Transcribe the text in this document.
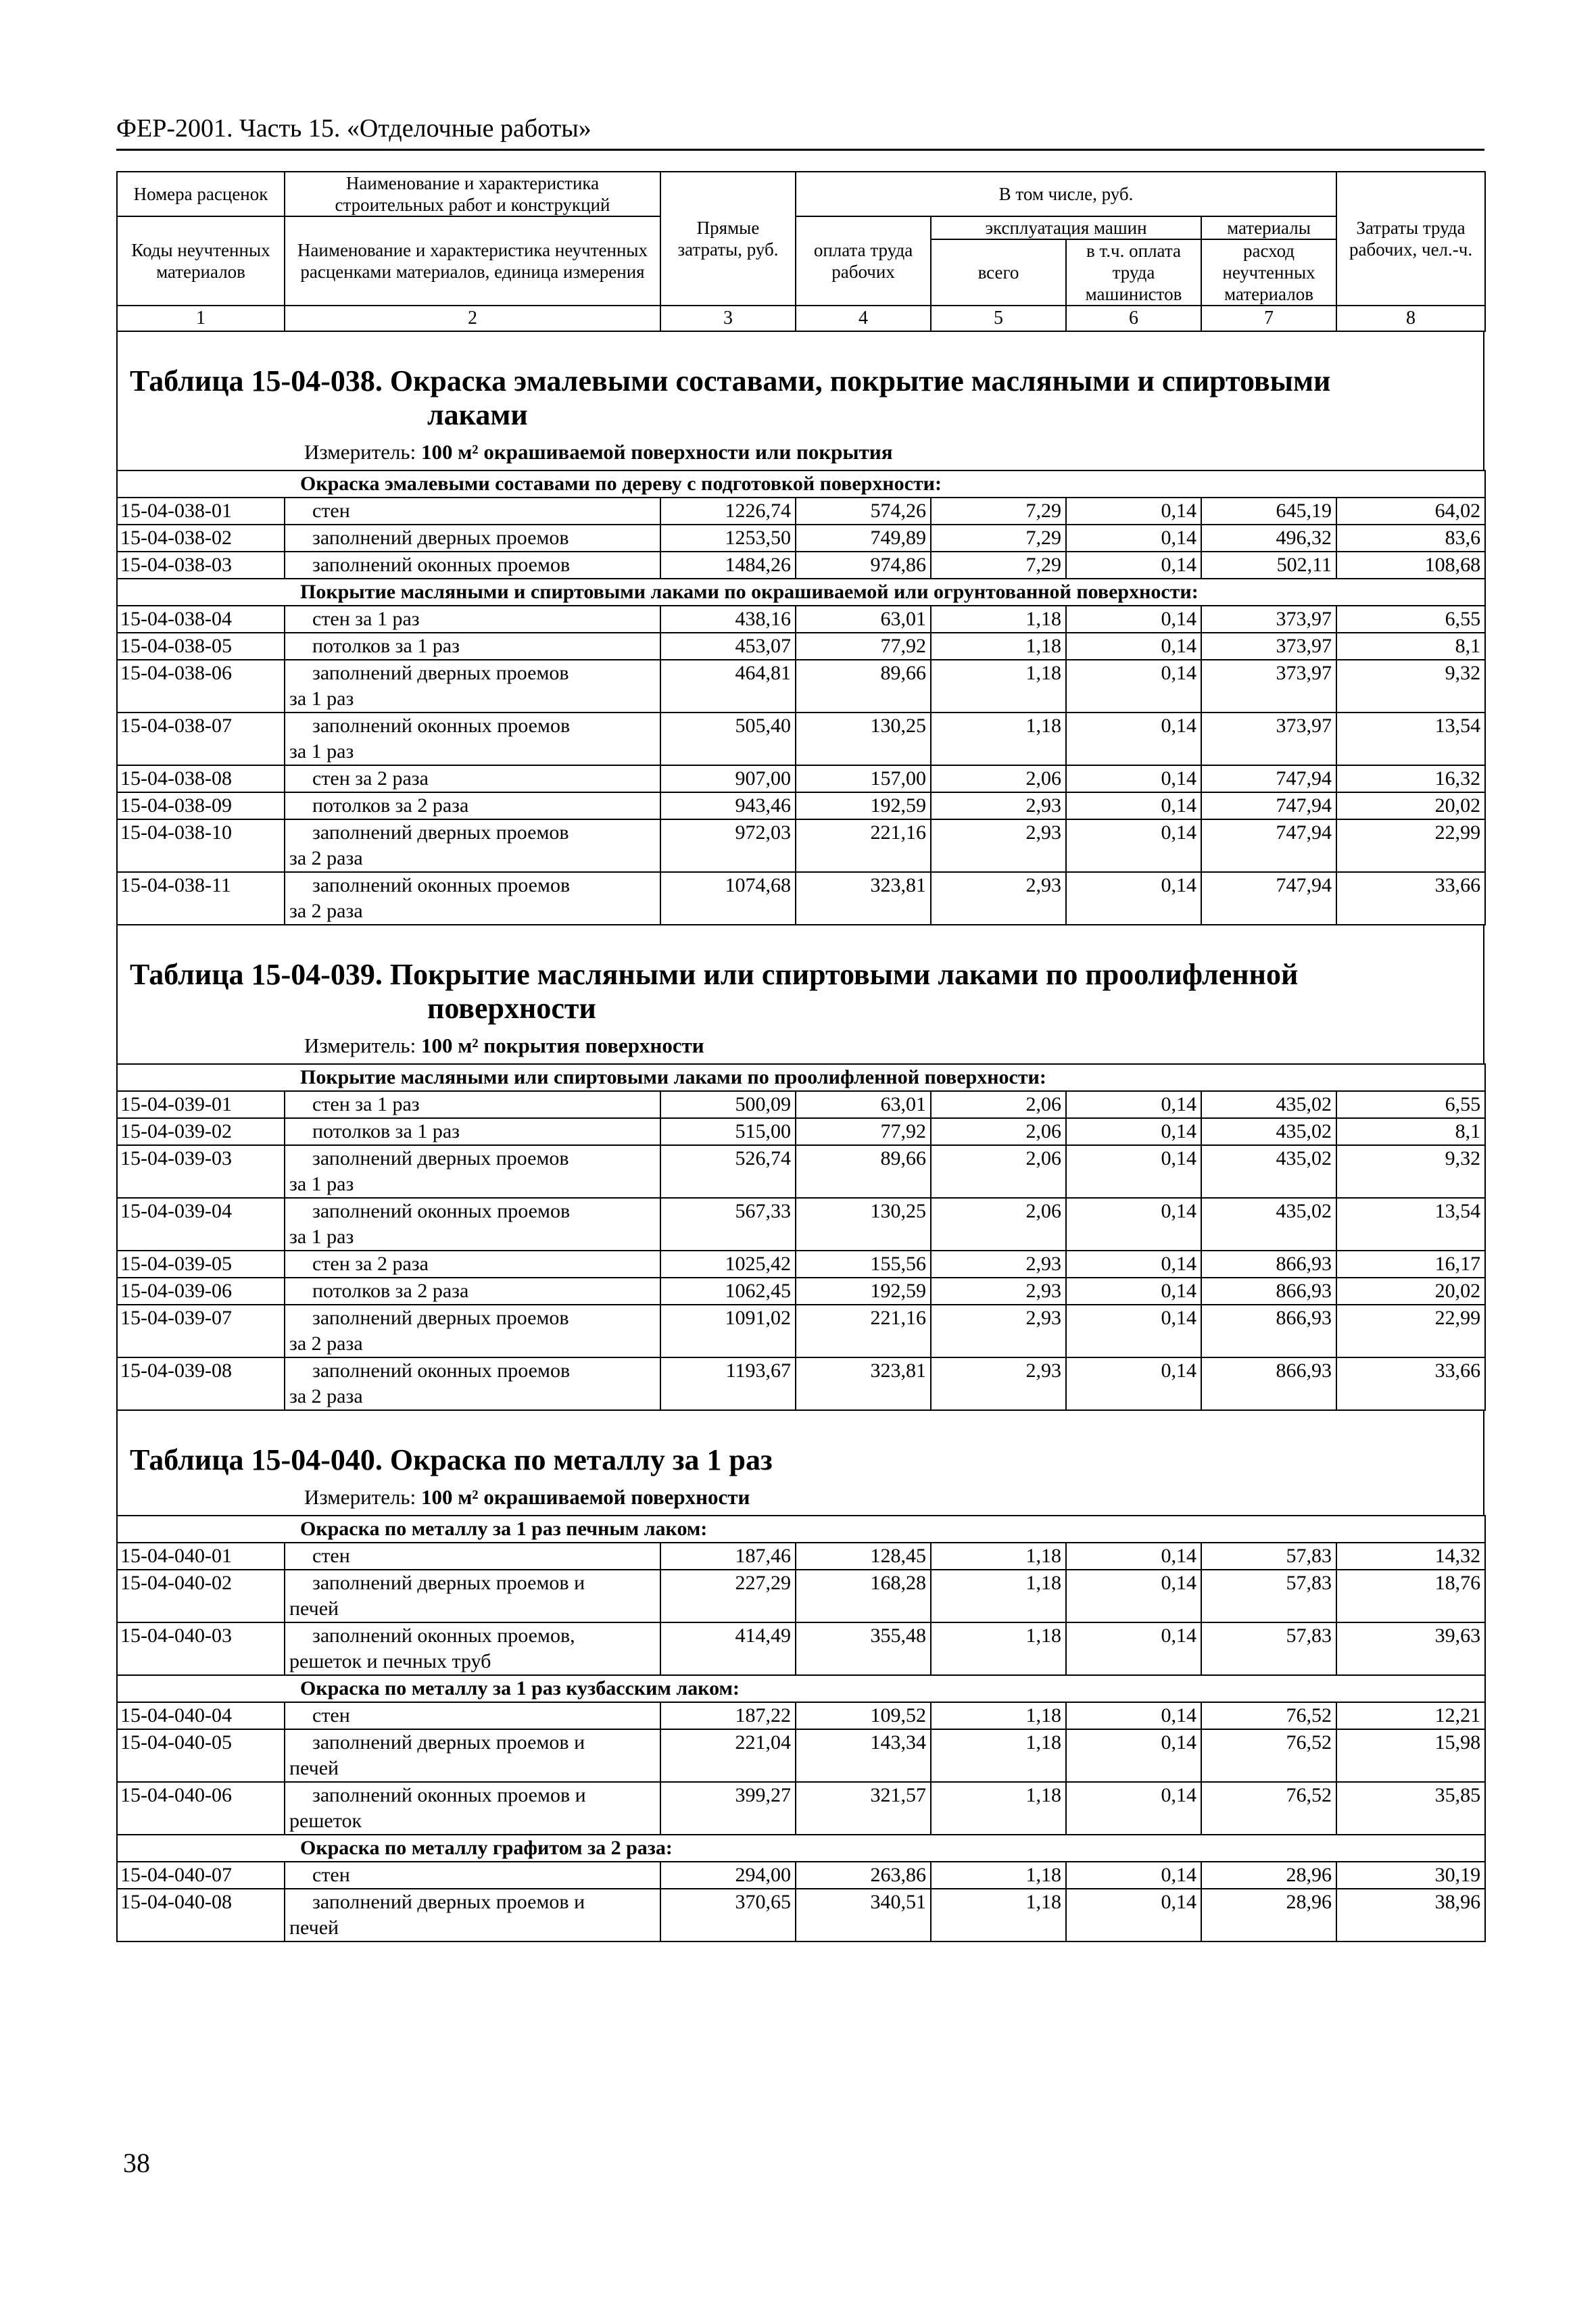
ФЕР-2001. Часть 15. «Отделочные работы»
Номера расценок	Наименование и характеристика строительных работ и конструкций	Прямые затраты, руб.	В том числе, руб.				Затраты труда рабочих, чел.-ч.
Коды неучтенных материалов	Наименование и характеристика неучтенных расценками материалов, единица измерения		оплата труда рабочих	эксплуатация машин		материалы	
				всего	в т.ч. оплата труда машинистов	расход неучтенных материалов	
1	2	3	4	5	6	7	8
Таблица 15-04-038. Окраска эмалевыми составами, покрытие масляными и спиртовыми
лаками
Измеритель: 100 м² окрашиваемой поверхности или покрытия
Окраска эмалевыми составами по дереву с подготовкой поверхности:							
15-04-038-01	стен	1226,74	574,26	7,29	0,14	645,19	64,02
15-04-038-02	заполнений дверных проемов	1253,50	749,89	7,29	0,14	496,32	83,6
15-04-038-03	заполнений оконных проемов	1484,26	974,86	7,29	0,14	502,11	108,68
Покрытие масляными и спиртовыми лаками по окрашиваемой или огрунтованной поверхности:							
15-04-038-04	стен за 1 раз	438,16	63,01	1,18	0,14	373,97	6,55
15-04-038-05	потолков за 1 раз	453,07	77,92	1,18	0,14	373,97	8,1
15-04-038-06	заполнений дверных проемов
за 1 раз	464,81	89,66	1,18	0,14	373,97	9,32
15-04-038-07	заполнений оконных проемов
за 1 раз	505,40	130,25	1,18	0,14	373,97	13,54
15-04-038-08	стен за 2 раза	907,00	157,00	2,06	0,14	747,94	16,32
15-04-038-09	потолков за 2 раза	943,46	192,59	2,93	0,14	747,94	20,02
15-04-038-10	заполнений дверных проемов
за 2 раза	972,03	221,16	2,93	0,14	747,94	22,99
15-04-038-11	заполнений оконных проемов
за 2 раза	1074,68	323,81	2,93	0,14	747,94	33,66
Таблица 15-04-039. Покрытие масляными или спиртовыми лаками по проолифленной
поверхности
Измеритель: 100 м² покрытия поверхности
Покрытие масляными или спиртовыми лаками по проолифленной поверхности:							
15-04-039-01	стен за 1 раз	500,09	63,01	2,06	0,14	435,02	6,55
15-04-039-02	потолков за 1 раз	515,00	77,92	2,06	0,14	435,02	8,1
15-04-039-03	заполнений дверных проемов
за 1 раз	526,74	89,66	2,06	0,14	435,02	9,32
15-04-039-04	заполнений оконных проемов
за 1 раз	567,33	130,25	2,06	0,14	435,02	13,54
15-04-039-05	стен за 2 раза	1025,42	155,56	2,93	0,14	866,93	16,17
15-04-039-06	потолков за 2 раза	1062,45	192,59	2,93	0,14	866,93	20,02
15-04-039-07	заполнений дверных проемов
за 2 раза	1091,02	221,16	2,93	0,14	866,93	22,99
15-04-039-08	заполнений оконных проемов
за 2 раза	1193,67	323,81	2,93	0,14	866,93	33,66
Таблица 15-04-040. Окраска по металлу за 1 раз
Измеритель: 100 м² окрашиваемой поверхности
Окраска по металлу за 1 раз печным лаком:							
15-04-040-01	стен	187,46	128,45	1,18	0,14	57,83	14,32
15-04-040-02	заполнений дверных проемов и
печей	227,29	168,28	1,18	0,14	57,83	18,76
15-04-040-03	заполнений оконных проемов,
решеток и печных труб	414,49	355,48	1,18	0,14	57,83	39,63
Окраска по металлу за 1 раз кузбасским лаком:							
15-04-040-04	стен	187,22	109,52	1,18	0,14	76,52	12,21
15-04-040-05	заполнений дверных проемов и
печей	221,04	143,34	1,18	0,14	76,52	15,98
15-04-040-06	заполнений оконных проемов и
решеток	399,27	321,57	1,18	0,14	76,52	35,85
Окраска по металлу графитом за 2 раза:							
15-04-040-07	стен	294,00	263,86	1,18	0,14	28,96	30,19
15-04-040-08	заполнений дверных проемов и
печей	370,65	340,51	1,18	0,14	28,96	38,96
38
